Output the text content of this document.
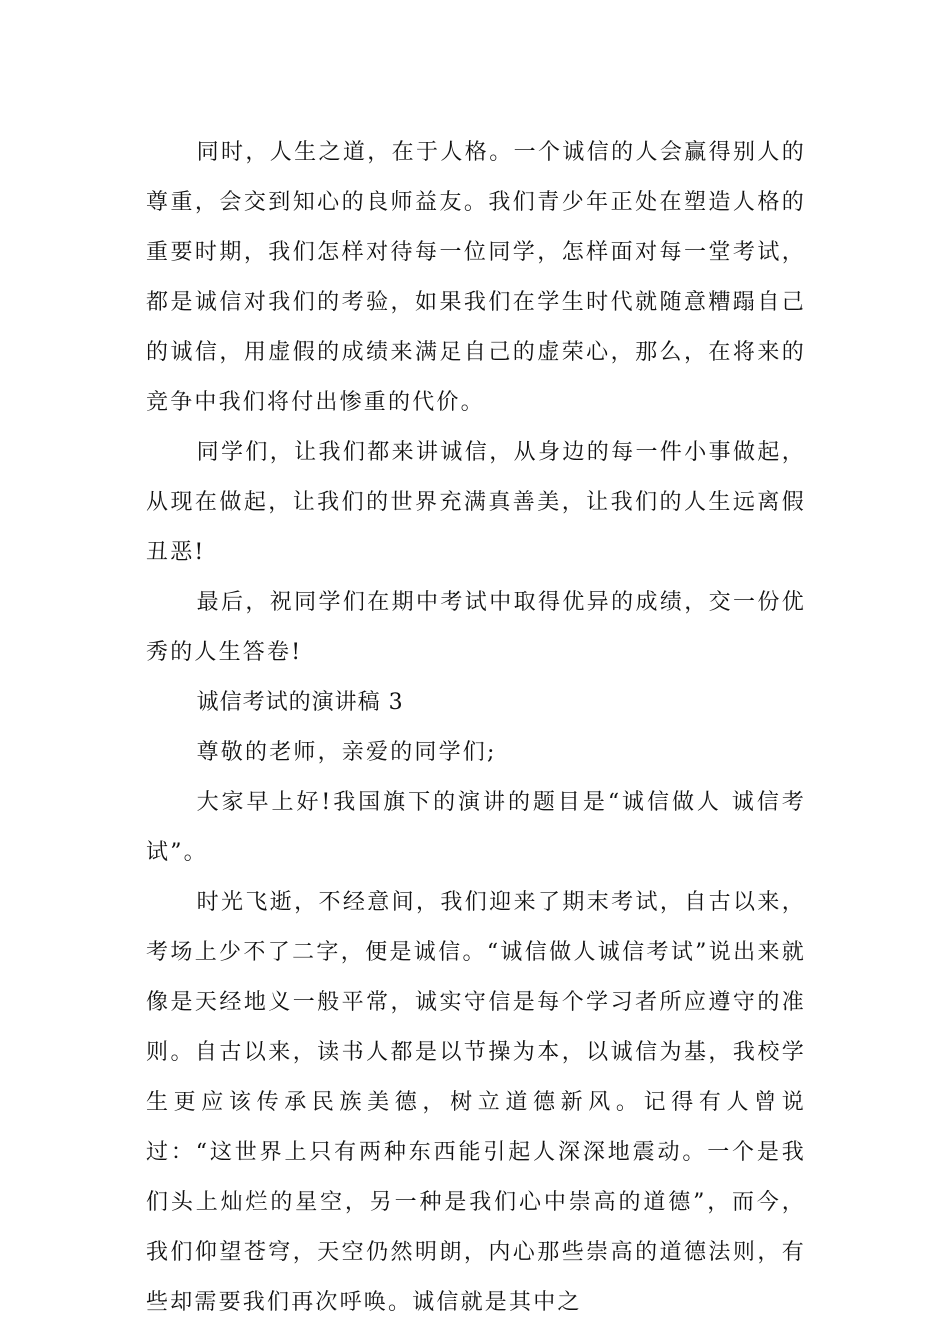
同时，人生之道，在于人格。一个诚信的人会赢得别人的尊重，会交到知心的良师益友。我们青少年正处在塑造人格的重要时期，我们怎样对待每一位同学，怎样面对每一堂考试，都是诚信对我们的考验，如果我们在学生时代就随意糟蹋自己的诚信，用虚假的成绩来满足自己的虚荣心，那么，在将来的竞争中我们将付出惨重的代价。

同学们，让我们都来讲诚信，从身边的每一件小事做起，从现在做起，让我们的世界充满真善美，让我们的人生远离假丑恶!

最后，祝同学们在期中考试中取得优异的成绩，交一份优秀的人生答卷!

诚信考试的演讲稿 3

尊敬的老师，亲爱的同学们;

大家早上好!我国旗下的演讲的题目是“诚信做人 诚信考试”。

时光飞逝，不经意间，我们迎来了期末考试，自古以来，考场上少不了二字，便是诚信。“诚信做人诚信考试”说出来就像是天经地义一般平常，诚实守信是每个学习者所应遵守的准则。自古以来，读书人都是以节操为本，以诚信为基，我校学生更应该传承民族美德，树立道德新风。记得有人曾说过：“这世界上只有两种东西能引起人深深地震动。一个是我们头上灿烂的星空，另一种是我们心中崇高的道德”，而今，我们仰望苍穹，天空仍然明朗，内心那些崇高的道德法则，有些却需要我们再次呼唤。诚信就是其中之
